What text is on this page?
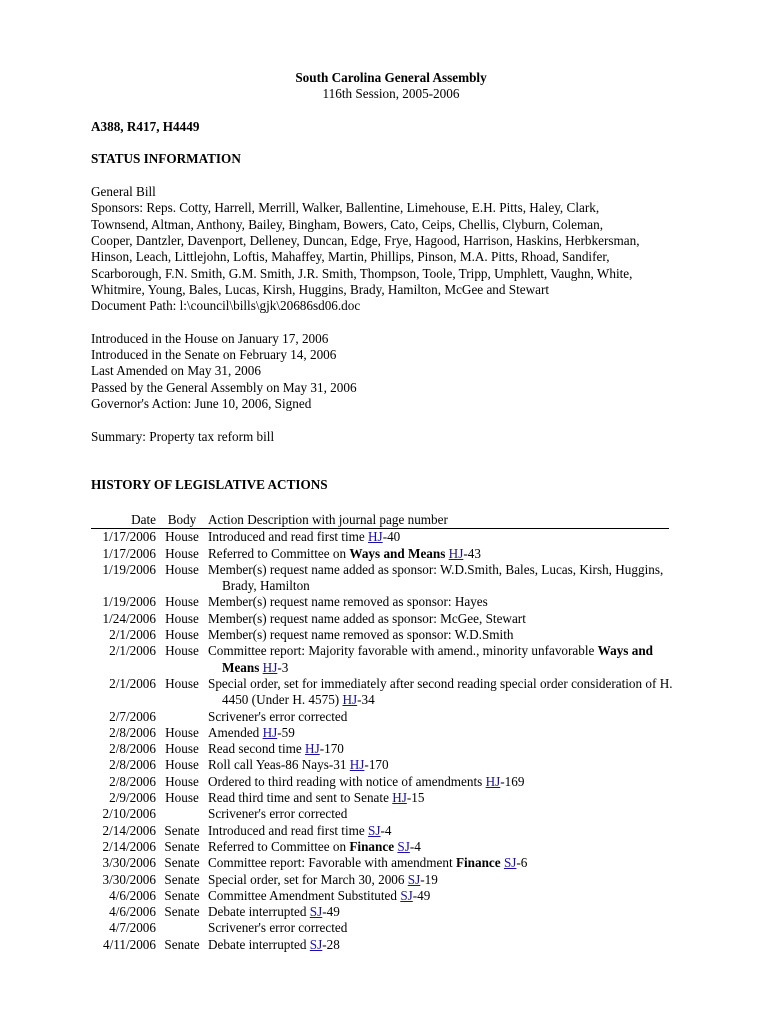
South Carolina General Assembly

116th Session, 2005-2006

A388, R417, H4449

STATUS INFORMATION

General Bill

Sponsors: Reps. Cotty, Harrell, Merrill, Walker, Ballentine, Limehouse, E.H. Pitts, Haley, Clark,

Townsend, Altman, Anthony, Bailey, Bingham, Bowers, Cato, Ceips, Chellis, Clyburn, Coleman,

Cooper, Dantzler, Davenport, Delleney, Duncan, Edge, Frye, Hagood, Harrison, Haskins, Herbkersman,

Hinson, Leach, Littlejohn, Loftis, Mahaffey, Martin, Phillips, Pinson, M.A. Pitts, Rhoad, Sandifer,

Scarborough, F.N. Smith, G.M. Smith, J.R. Smith, Thompson, Toole, Tripp, Umphlett, Vaughn, White,

Whitmire, Young, Bales, Lucas, Kirsh, Huggins, Brady, Hamilton, McGee and Stewart

Document Path: l:\council\bills\gjk\20686sd06.doc

Introduced in the House on January 17, 2006

Introduced in the Senate on February 14, 2006

Last Amended on May 31, 2006

Passed by the General Assembly on May 31, 2006

Governor's Action: June 10, 2006, Signed

Summary: Property tax reform bill

HISTORY OF LEGISLATIVE ACTIONS

Date Body Action Description with journal page number
1/17/2006 House Introduced and read first time HJ-40
1/17/2006 House Referred to Committee on Ways and Means HJ-43
1/19/2006 House Member(s) request name added as sponsor: W.D.Smith, Bales, Lucas, Kirsh, Huggins, Brady, Hamilton
1/19/2006 House Member(s) request name removed as sponsor: Hayes
1/24/2006 House Member(s) request name added as sponsor: McGee, Stewart
2/1/2006 House Member(s) request name removed as sponsor: W.D.Smith
2/1/2006 House Committee report: Majority favorable with amend., minority unfavorable Ways and Means HJ-3
2/1/2006 House Special order, set for immediately after second reading special order consideration of H. 4450 (Under H. 4575) HJ-34
2/7/2006	Scrivener's error corrected
2/8/2006 House Amended HJ-59
2/8/2006 House Read second time HJ-170
2/8/2006 House Roll call Yeas-86 Nays-31 HJ-170
2/8/2006 House Ordered to third reading with notice of amendments HJ-169
2/9/2006 House Read third time and sent to Senate HJ-15
2/10/2006	Scrivener's error corrected
2/14/2006 Senate Introduced and read first time SJ-4
2/14/2006 Senate Referred to Committee on Finance SJ-4
3/30/2006 Senate Committee report: Favorable with amendment Finance SJ-6
3/30/2006 Senate Special order, set for March 30, 2006 SJ-19
4/6/2006 Senate Committee Amendment Substituted SJ-49
4/6/2006 Senate Debate interrupted SJ-49
4/7/2006	Scrivener's error corrected
4/11/2006 Senate Debate interrupted SJ-28
